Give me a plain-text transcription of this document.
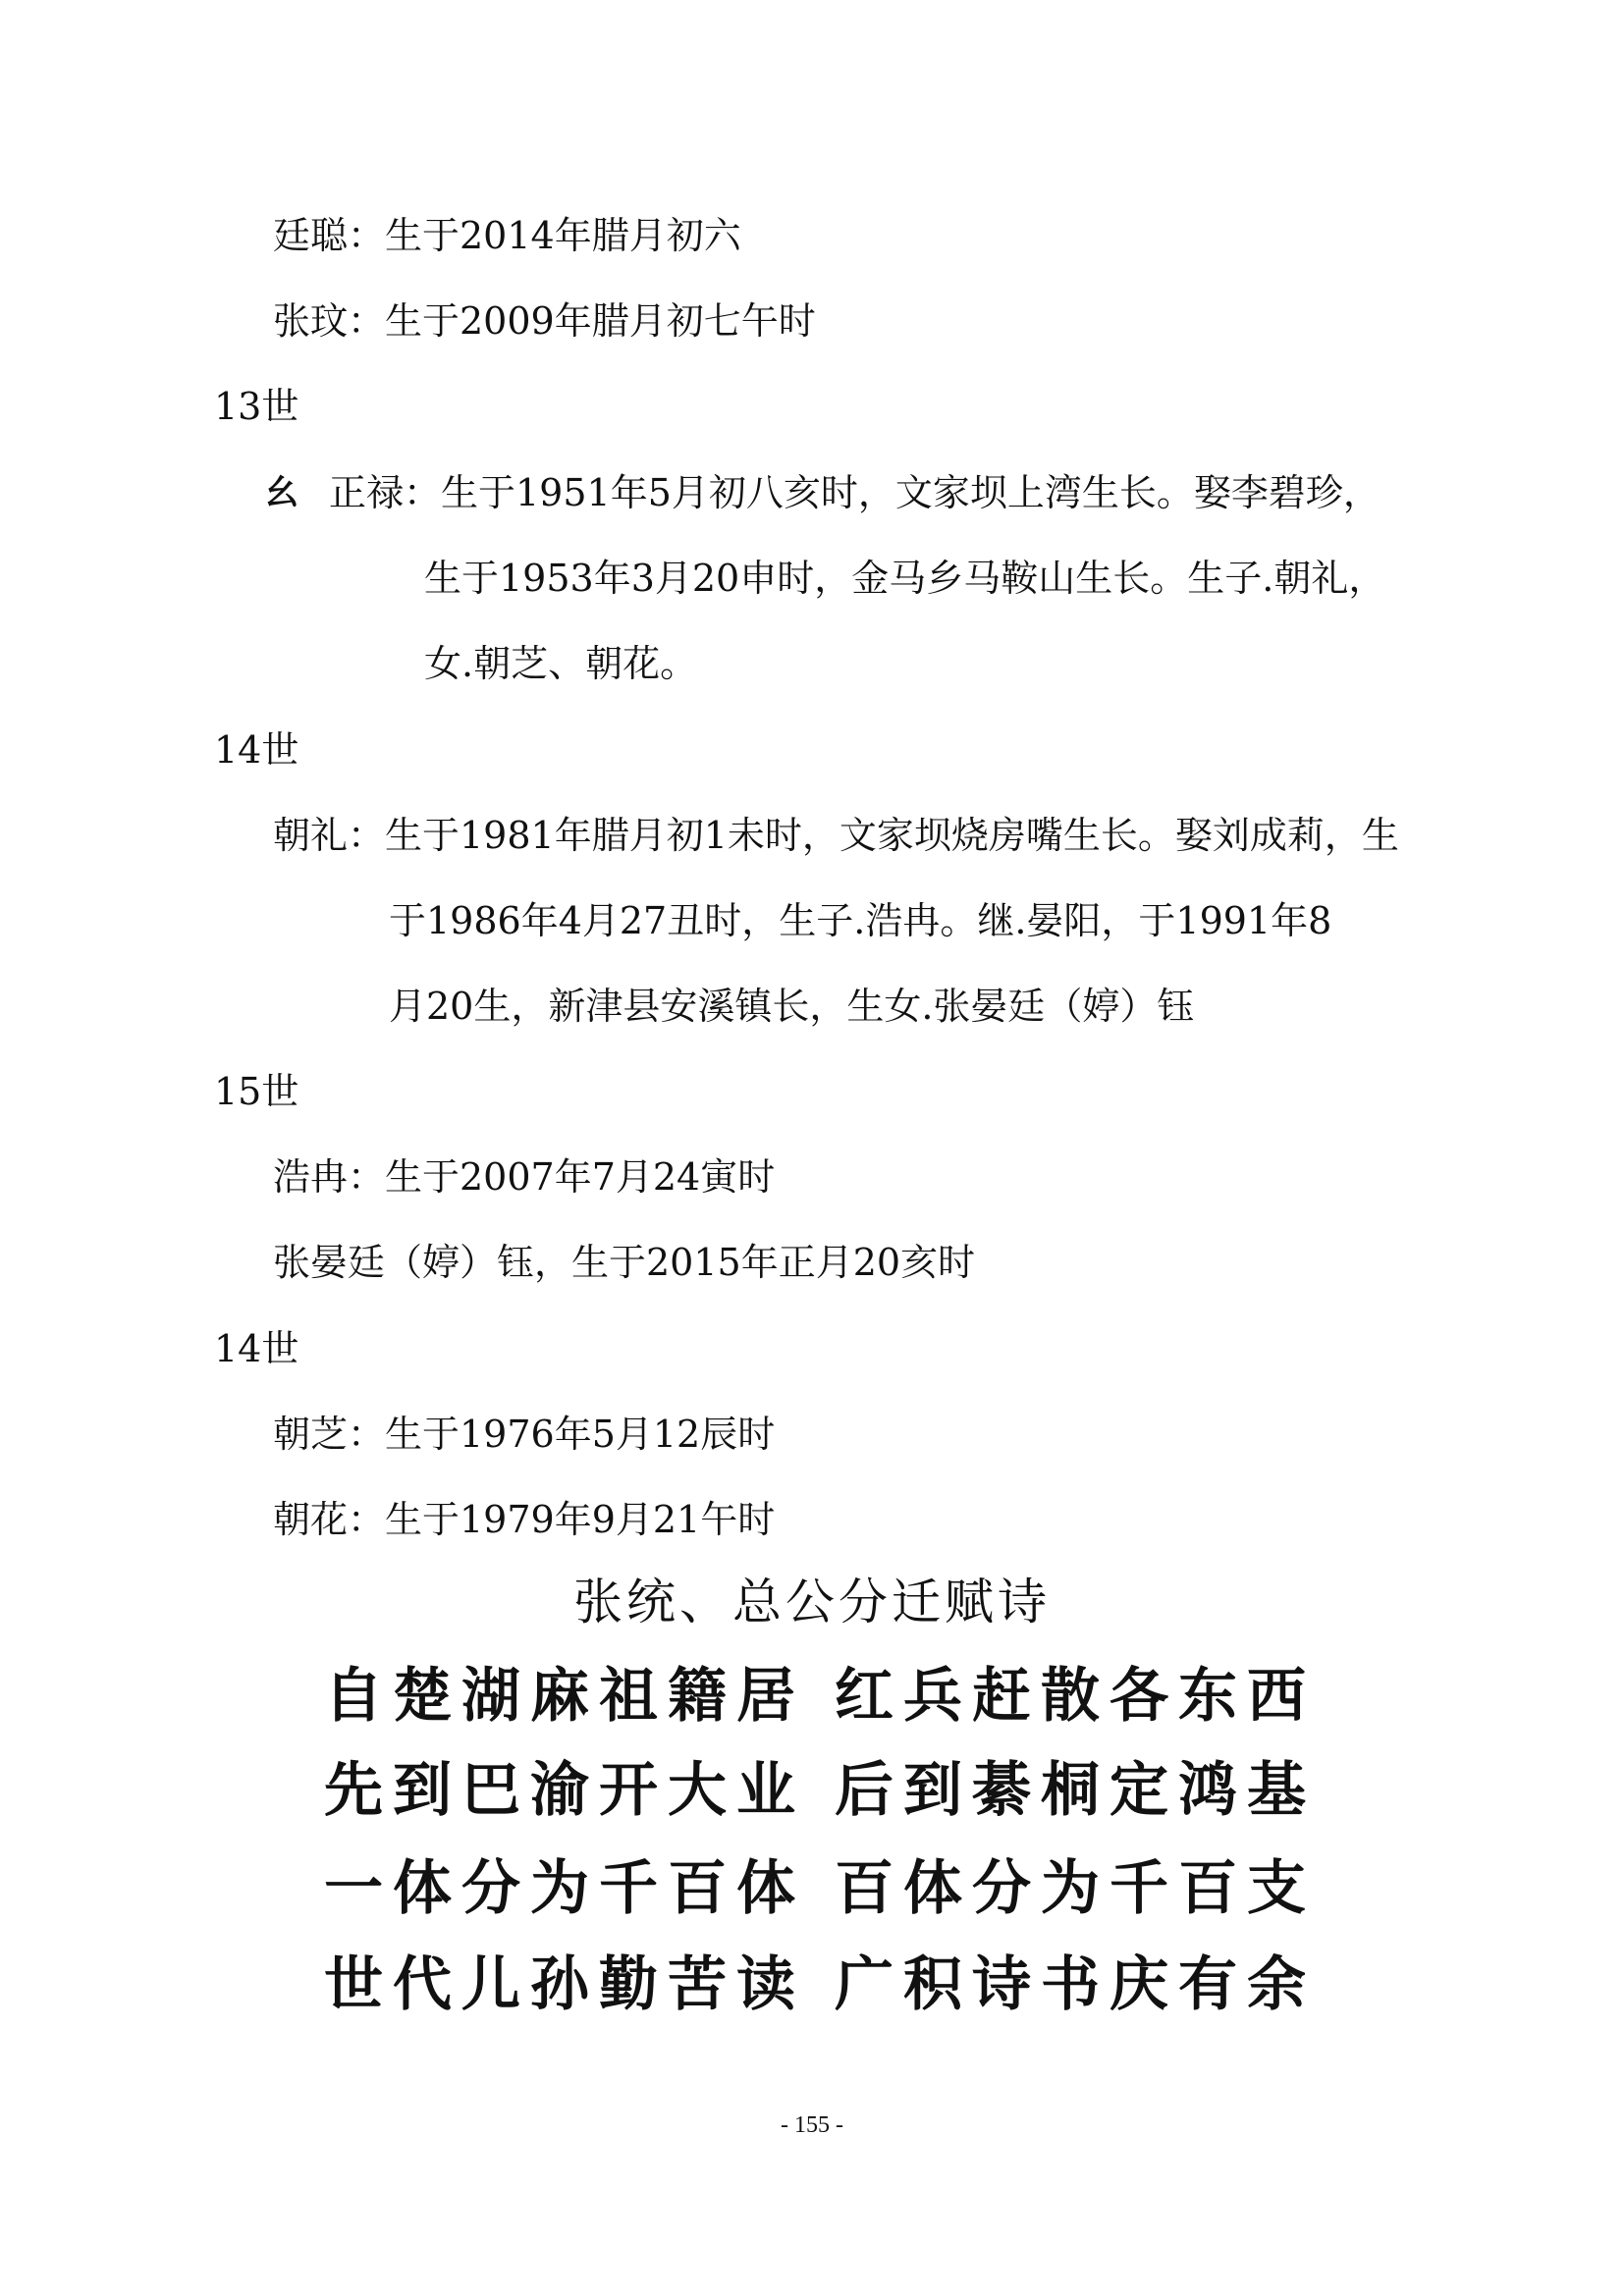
廷聪：生于2014年腊月初六
张玟：生于2009年腊月初七午时
13世
幺 正禄：生于1951年5月初八亥时，文家坝上湾生长。娶李碧珍，
生于1953年3月20申时，金马乡马鞍山生长。生子.朝礼，
女.朝芝、朝花。
14世
朝礼：生于1981年腊月初1未时，文家坝烧房嘴生长。娶刘成莉，生
于1986年4月27丑时，生子.浩冉。继.晏阳，于1991年8
月20生，新津县安溪镇长，生女.张晏廷（婷）钰
15世
浩冉：生于2007年7月24寅时
张晏廷（婷）钰，生于2015年正月20亥时
14世
朝芝：生于1976年5月12辰时
朝花：生于1979年9月21午时
张统、总公分迁赋诗
自楚湖麻祖籍居 红兵赶散各东西
先到巴渝开大业 后到綦桐定鸿基
一体分为千百体 百体分为千百支
世代儿孙勤苦读 广积诗书庆有余
- 155 -
